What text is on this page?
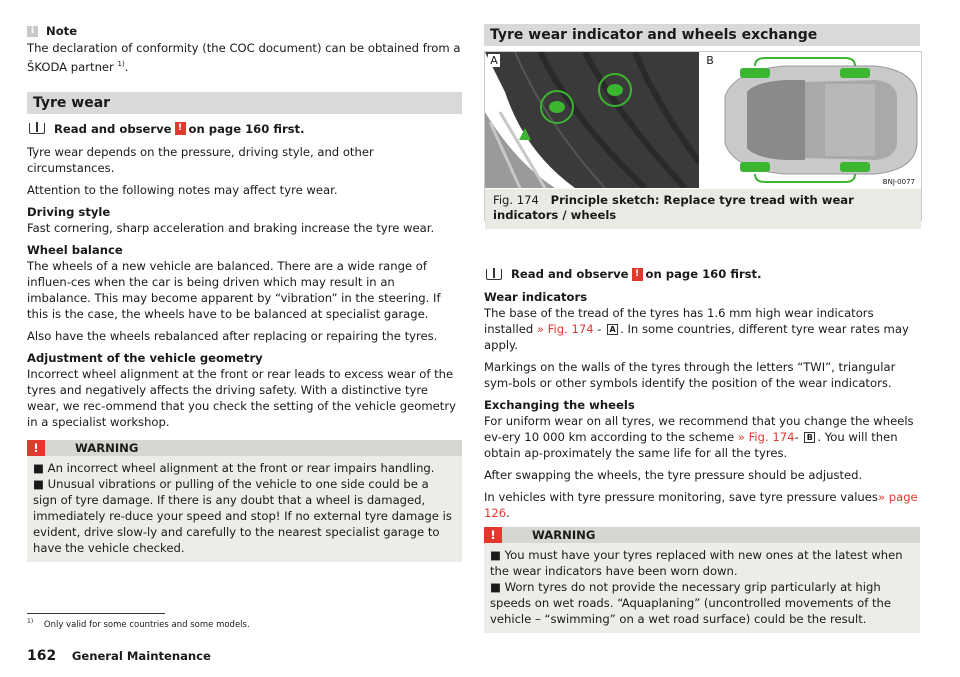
i	Note

The declaration of conformity (the COC document) can be obtained from a ŠKODA partner $^{1)}$.

Tyre wear
Read and observe ! on page 160 first.

Tyre wear depends on the pressure, driving style, and other circumstances.

Attention to the following notes may affect tyre wear.

Driving style

Fast cornering, sharp acceleration and braking increase the tyre wear.

Wheel balance

The wheels of a new vehicle are balanced. There are a wide range of influen-ces when the car is being driven which may result in an imbalance. This may become apparent by “vibration” in the steering. If this is the case, the wheels have to be balanced at specialist garage.

Also have the wheels rebalanced after replacing or repairing the tyres.

Adjustment of the vehicle geometry

Incorrect wheel alignment at the front or rear leads to excess wear of the tyres and negatively affects the driving safety. With a distinctive tyre wear, we rec-ommend that you check the setting of the vehicle geometry in a specialist workshop.

!	WARNING
■ An incorrect wheel alignment at the front or rear impairs handling.
■ Unusual vibrations or pulling of the vehicle to one side could be a sign of tyre damage. If there is any doubt that a wheel is damaged, immediately re-duce your speed and stop! If no external tyre damage is evident, drive slow-ly and carefully to the nearest specialist garage to have the vehicle checked.
Tyre wear indicator and wheels exchange
A	B
BNJ-0077
Fig. 174 Principle sketch: Replace tyre tread with wear indicators / wheels
Read and observe ! on page 160 first.
Wear indicators

The base of the tread of the tyres has 1.6 mm high wear indicators installed » Fig. 174 - A . In some countries, different tyre wear rates may apply.

Markings on the walls of the tyres through the letters “TWI”, triangular sym-bols or other symbols identify the position of the wear indicators.

Exchanging the wheels

For uniform wear on all tyres, we recommend that you change the wheels ev-ery 10 000 km according to the scheme » Fig. 174- B . You will then obtain ap-proximately the same life for all the tyres.

After swapping the wheels, the tyre pressure should be adjusted.

In vehicles with tyre pressure monitoring, save tyre pressure values» page 126.

!	WARNING
■ You must have your tyres replaced with new ones at the latest when the wear indicators have been worn down.
■ Worn tyres do not provide the necessary grip particularly at high speeds on wet roads. “Aquaplaning” (uncontrolled movements of the vehicle – “swimming” on a wet road surface) could be the result.
$^{1)}$ Only valid for some countries and some models.
162 General Maintenance
